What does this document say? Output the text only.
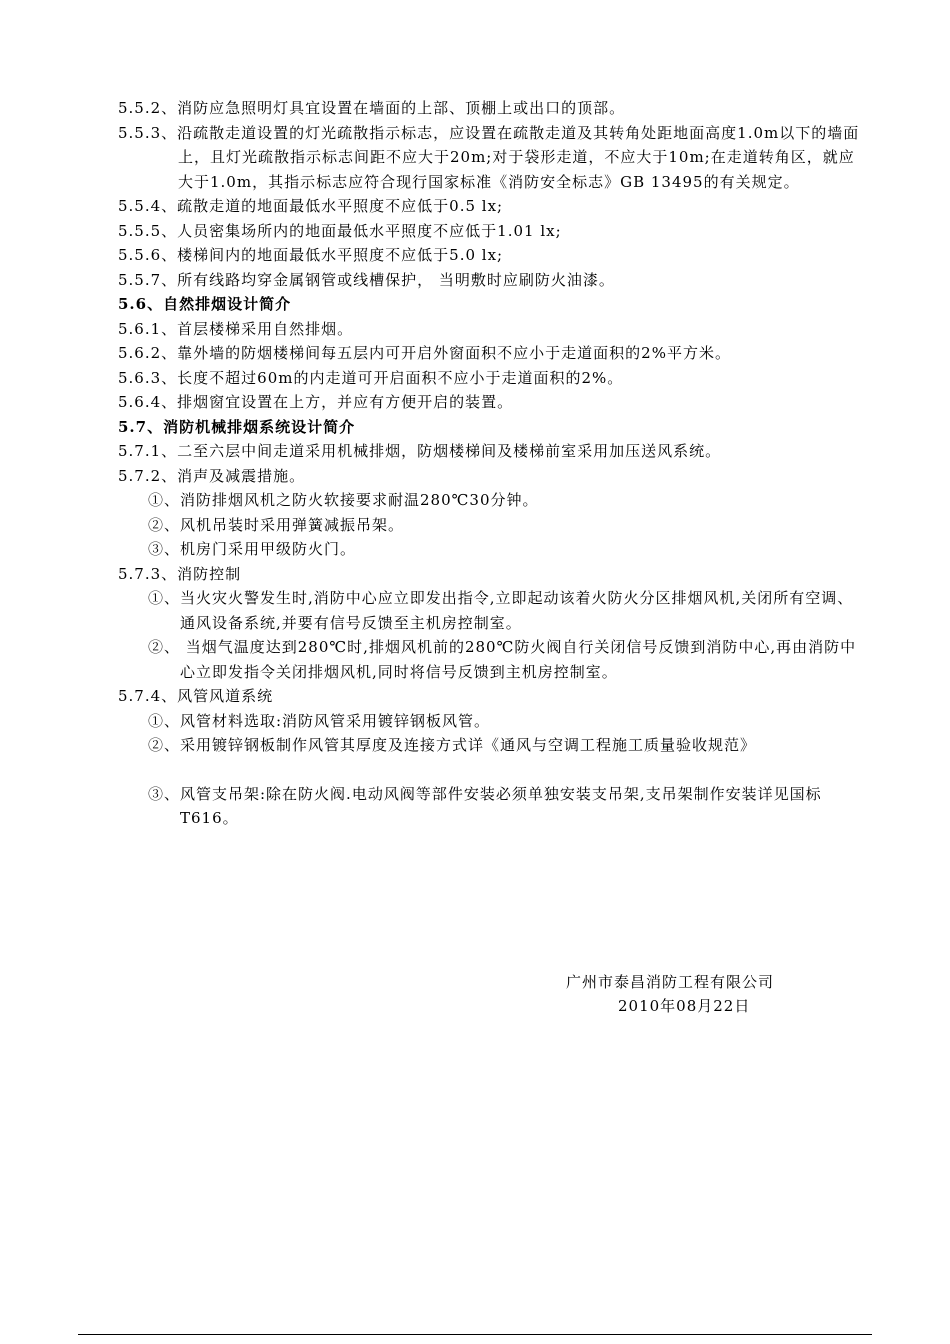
5.5.2、消防应急照明灯具宜设置在墙面的上部、顶棚上或出口的顶部。

5.5.3、沿疏散走道设置的灯光疏散指示标志，应设置在疏散走道及其转角处距地面高度1.0m以下的墙面上，且灯光疏散指示标志间距不应大于20m;对于袋形走道，不应大于10m;在走道转角区，就应大于1.0m，其指示标志应符合现行国家标准《消防安全标志》GB 13495的有关规定。

5.5.4、疏散走道的地面最低水平照度不应低于0.5 lx;

5.5.5、人员密集场所内的地面最低水平照度不应低于1.01 lx;

5.5.6、楼梯间内的地面最低水平照度不应低于5.0 lx;

5.5.7、所有线路均穿金属钢管或线槽保护， 当明敷时应刷防火油漆。

5.6、自然排烟设计简介

5.6.1、首层楼梯采用自然排烟。

5.6.2、靠外墙的防烟楼梯间每五层内可开启外窗面积不应小于走道面积的2%平方米。

5.6.3、长度不超过60m的内走道可开启面积不应小于走道面积的2%。

5.6.4、排烟窗宜设置在上方，并应有方便开启的装置。

5.7、消防机械排烟系统设计简介

5.7.1、二至六层中间走道采用机械排烟，防烟楼梯间及楼梯前室采用加压送风系统。

5.7.2、消声及减震措施。

①、消防排烟风机之防火软接要求耐温280℃30分钟。

②、风机吊装时采用弹簧减振吊架。

③、机房门采用甲级防火门。

5.7.3、消防控制

①、当火灾火警发生时,消防中心应立即发出指令,立即起动该着火防火分区排烟风机,关闭所有空调、通风设备系统,并要有信号反馈至主机房控制室。

②、 当烟气温度达到280℃时,排烟风机前的280℃防火阀自行关闭信号反馈到消防中心,再由消防中心立即发指令关闭排烟风机,同时将信号反馈到主机房控制室。

5.7.4、风管风道系统

①、风管材料选取:消防风管采用镀锌钢板风管。

②、采用镀锌钢板制作风管其厚度及连接方式详《通风与空调工程施工质量验收规范》

③、风管支吊架:除在防火阀.电动风阀等部件安装必须单独安装支吊架,支吊架制作安装详见国标T616。

广州市泰昌消防工程有限公司
2010年08月22日
